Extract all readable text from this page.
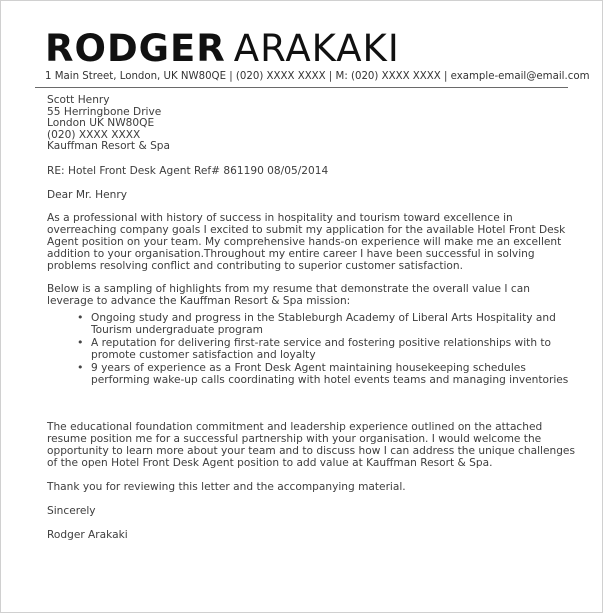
RODGER ARAKAKI
1 Main Street, London, UK NW80QE | (020) XXXX XXXX | M: (020) XXXX XXXX | example-email@email.com
Scott Henry
55 Herringbone Drive
London UK NW80QE
(020) XXXX XXXX
Kauffman Resort & Spa

RE: Hotel Front Desk Agent Ref# 861190 08/05/2014

Dear Mr. Henry

As a professional with history of success in hospitality and tourism toward excellence in overreaching company goals I excited to submit my application for the available Hotel Front Desk Agent position on your team. My comprehensive hands-on experience will make me an excellent addition to your organisation.Throughout my entire career I have been successful in solving problems resolving conflict and contributing to superior customer satisfaction.

Below is a sampling of highlights from my resume that demonstrate the overall value I can leverage to advance the Kauffman Resort & Spa mission:

• Ongoing study and progress in the Stableburgh Academy of Liberal Arts Hospitality and Tourism undergraduate program
• A reputation for delivering first-rate service and fostering positive relationships with to promote customer satisfaction and loyalty
• 9 years of experience as a Front Desk Agent maintaining housekeeping schedules performing wake-up calls coordinating with hotel events teams and managing inventories

The educational foundation commitment and leadership experience outlined on the attached resume position me for a successful partnership with your organisation. I would welcome the opportunity to learn more about your team and to discuss how I can address the unique challenges of the open Hotel Front Desk Agent position to add value at Kauffman Resort & Spa.

Thank you for reviewing this letter and the accompanying material.

Sincerely

Rodger Arakaki
